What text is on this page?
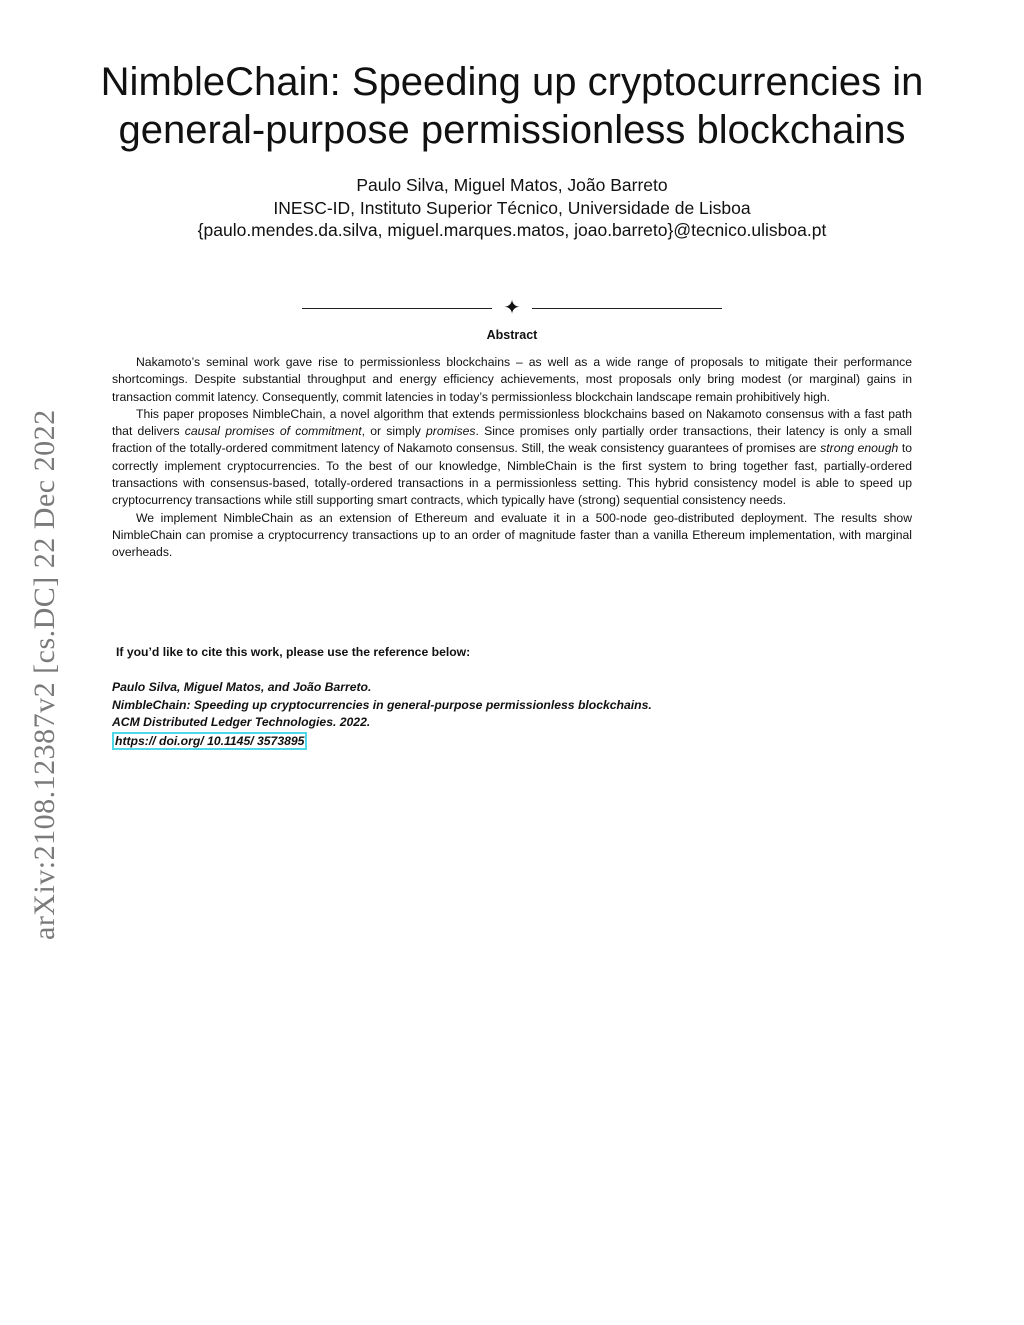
arXiv:2108.12387v2 [cs.DC] 22 Dec 2022
NimbleChain: Speeding up cryptocurrencies in
general-purpose permissionless blockchains
Paulo Silva, Miguel Matos, João Barreto
INESC-ID, Instituto Superior Técnico, Universidade de Lisboa
{paulo.mendes.da.silva, miguel.marques.matos, joao.barreto}@tecnico.ulisboa.pt
✦
Abstract

Nakamoto’s seminal work gave rise to permissionless blockchains – as well as a wide range of proposals to mitigate their performance shortcomings. Despite substantial throughput and energy efficiency achievements, most proposals only bring modest (or marginal) gains in transaction commit latency. Consequently, commit latencies in today’s permissionless blockchain landscape remain prohibitively high.

This paper proposes NimbleChain, a novel algorithm that extends permissionless blockchains based on Nakamoto consensus with a fast path that delivers causal promises of commitment, or simply promises. Since promises only partially order transactions, their latency is only a small fraction of the totally-ordered commitment latency of Nakamoto consensus. Still, the weak consistency guarantees of promises are strong enough to correctly implement cryptocurrencies. To the best of our knowledge, NimbleChain is the first system to bring together fast, partially-ordered transactions with consensus-based, totally-ordered transactions in a permissionless setting. This hybrid consistency model is able to speed up cryptocurrency transactions while still supporting smart contracts, which typically have (strong) sequential consistency needs.

We implement NimbleChain as an extension of Ethereum and evaluate it in a 500-node geo-distributed deployment. The results show NimbleChain can promise a cryptocurrency transactions up to an order of magnitude faster than a vanilla Ethereum implementation, with marginal overheads.

If you’d like to cite this work, please use the reference below:
Paulo Silva, Miguel Matos, and João Barreto.
NimbleChain: Speeding up cryptocurrencies in general-purpose permissionless blockchains.
ACM Distributed Ledger Technologies. 2022.
https:// doi.org/ 10.1145/ 3573895
